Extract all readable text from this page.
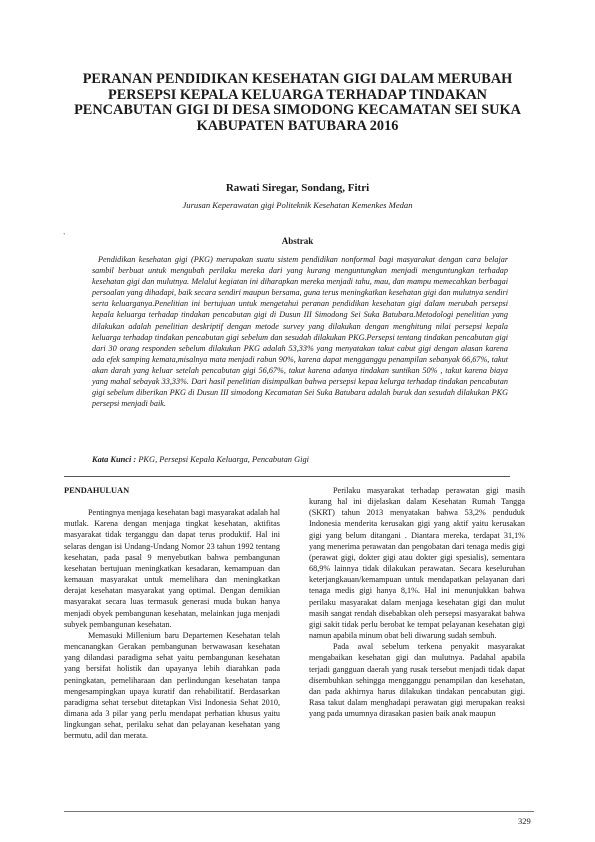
PERANAN PENDIDIKAN KESEHATAN GIGI DALAM MERUBAH PERSEPSI KEPALA KELUARGA TERHADAP TINDAKAN PENCABUTAN GIGI DI DESA SIMODONG KECAMATAN SEI SUKA KABUPATEN BATUBARA 2016
Rawati Siregar, Sondang, Fitri
Jurusan Keperawatan gigi Politeknik Kesehatan Kemenkes Medan
`	Abstrak

Pendidikan kesehatan gigi (PKG) merupakan suatu sistem pendidikan nonformal bagi masyarakat dengan cara belajar sambil berbuat untuk mengubah perilaku mereka dari yang kurang menguntungkan menjadi menguntungkan terhadap kesehatan gigi dan mulutnya. Melalui kegiatan ini diharapkan mereka menjadi tahu, mau, dan mampu memecahkan berbagai persoalan yang dihadapi, baik secara sendiri maupun bersama, guna terus meningkatkan kesehatan gigi dan mulutnya sendiri serta keluarganya.Penelitian ini bertujuan untuk mengetahui peranan pendidikan kesehatan gigi dalam merubah persepsi kepala keluarga terhadap tindakan pencabutan gigi di Dusun III Simodong Sei Suka Batubara.Metodologi penelitian yang dilakukan adalah penelitian deskriptif dengan metode survey yang dilakukan dengan menghitung nilai persepsi kepala keluarga terhadap tindakan pencabutan gigi sebelum dan sesudah dilakukan PKG.Persepsi tentang tindakan pencabutan gigi dari 30 orang responden sebelum dilakukan PKG adalah 53,33% yang menyatakan takut cabut gigi dengan alasan karena ada efek samping kemata,misalnya mata menjadi rabun 90%, karena dapat mengganggu penampilan sebanyak 66,67%, takut akan darah yang keluar setelah pencabutan gigi 56,67%, takut karena adanya tindakan suntikan 50% , takut karena biaya yang mahal sebayak 33,33%. Dari hasil penelitian disimpulkan bahwa persepsi kepaa kelurga terhadap tindakan pencabutan gigi sebelum diberikan PKG di Dusun III simodong Kecamatan Sei Suka Batubara adalah buruk dan sesudah dilakukan PKG persepsi menjadi baik.

Kata Kunci : PKG, Persepsi Kepala Keluarga, Pencabutan Gigi
PENDAHULUAN

Pentingnya menjaga kesehatan bagi masyarakat adalah hal mutlak. Karena dengan menjaga tingkat kesehatan, aktifitas masyarakat tidak terganggu dan dapat terus produktif. Hal ini selaras dengan isi Undang-Undang Nomor 23 tahun 1992 tentang kesehatan, pada pasal 9 menyebutkan bahwa pembangunan kesehatan bertujuan meningkatkan kesadaran, kemampuan dan kemauan masyarakat untuk memelihara dan meningkatkan derajat kesehatan masyarakat yang optimal. Dengan demikian masyarakat secara luas termasuk generasi muda bukan hanya menjadi obyek pembangunan kesehatan, melainkan juga menjadi subyek pembangunan kesehatan.

Memasuki Millenium baru Departemen Kesehatan telah mencanangkan Gerakan pembangunan berwawasan kesehatan yang dilandasi paradigma sehat yaitu pembangunan kesehatan yang bersifat holistik dan upayanya lebih diarahkan pada peningkatan, pemeliharaan dan perlindungan kesehatan tanpa mengesampingkan upaya kuratif dan rehabilitatif. Berdasarkan paradigma sehat tersebut ditetapkan Visi Indonesia Sehat 2010, dimana ada 3 pilar yang perlu mendapat perhatian khusus yaitu lingkungan sehat, perilaku sehat dan pelayanan kesehatan yang bermutu, adil dan merata.

Perilaku masyarakat terhadap perawatan gigi masih kurang hal ini dijelaskan dalam Kesehatan Rumah Tangga (SKRT) tahun 2013 menyatakan bahwa 53,2% penduduk Indonesia menderita kerusakan gigi yang aktif yaitu kerusakan gigi yang belum ditangani . Diantara mereka, terdapat 31,1% yang menerima perawatan dan pengobatan dari tenaga medis gigi (perawat gigi, dokter gigi atau dokter gigi spesialis), sementara 68,9% lainnya tidak dilakukan perawatan. Secara keseluruhan keterjangkauan/kemampuan untuk mendapatkan pelayanan dari tenaga medis gigi hanya 8,1%. Hal ini menunjukkan bahwa perilaku masyarakat dalam menjaga kesehatan gigi dan mulut masih sangat rendah disebabkan oleh persepsi masyarakat bahwa gigi sakit tidak perlu berobat ke tempat pelayanan kesehatan gigi namun apabila minum obat beli diwarung sudah sembuh.

Pada awal sebelum terkena penyakit masyarakat mengabaikan kesehatan gigi dan mulutnya. Padahal apabila terjadi gangguan daerah yang rusak tersebut menjadi tidak dapat disembuhkan sehingga mengganggu penampilan dan kesehatan, dan pada akhirnya harus dilakukan tindakan pencabutan gigi. Rasa takut dalam menghadapi perawatan gigi merupakan reaksi yang pada umumnya dirasakan pasien baik anak maupun

329
